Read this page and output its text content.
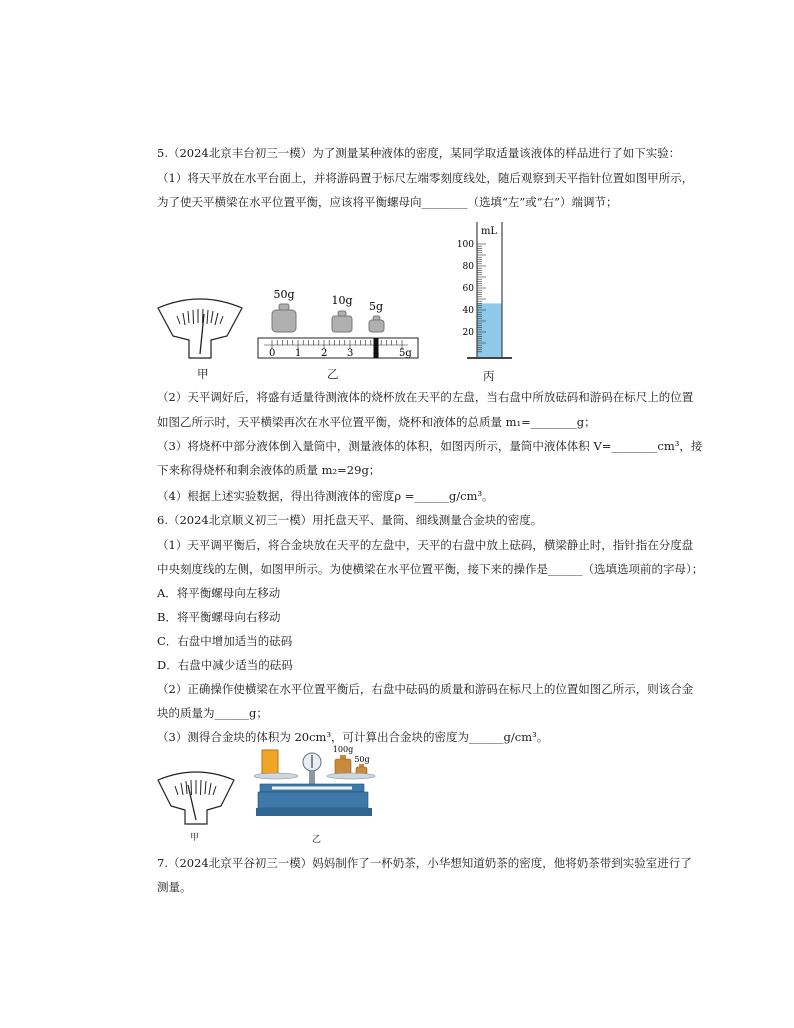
5.（2024北京丰台初三一模）为了测量某种液体的密度，某同学取适量该液体的样品进行了如下实验：
（1）将天平放在水平台面上，并将游码置于标尺左端零刻度线处，随后观察到天平指针位置如图甲所示，
为了使天平横梁在水平位置平衡，应该将平衡螺母向________（选填“左”或“右”）端调节；
甲
50g	10g 5g
0 1 2 3	5g
乙
mL
100
80
60
40
20
丙
（2）天平调好后，将盛有适量待测液体的烧杯放在天平的左盘，当右盘中所放砝码和游码在标尺上的位置
如图乙所示时，天平横梁再次在水平位置平衡，烧杯和液体的总质量 m₁=________g；
（3）将烧杯中部分液体倒入量筒中，测量液体的体积，如图丙所示，量筒中液体体积 V=________cm³，接
下来称得烧杯和剩余液体的质量 m₂=29g；
（4）根据上述实验数据，得出待测液体的密度ρ =______g/cm³。
6.（2024北京顺义初三一模）用托盘天平、量筒、细线测量合金块的密度。
（1）天平调平衡后，将合金块放在天平的左盘中，天平的右盘中放上砝码，横梁静止时，指针指在分度盘
中央刻度线的左侧，如图甲所示。为使横梁在水平位置平衡，接下来的操作是______（选填选项前的字母）；
A．将平衡螺母向左移动
B．将平衡螺母向右移动
C．右盘中增加适当的砝码
D．右盘中减少适当的砝码
（2）正确操作使横梁在水平位置平衡后，右盘中砝码的质量和游码在标尺上的位置如图乙所示，则该合金
块的质量为______g；
（3）测得合金块的体积为 20cm³，可计算出合金块的密度为______g/cm³。
甲
100g
50g
乙
7.（2024北京平谷初三一模）妈妈制作了一杯奶茶，小华想知道奶茶的密度，他将奶茶带到实验室进行了
测量。
